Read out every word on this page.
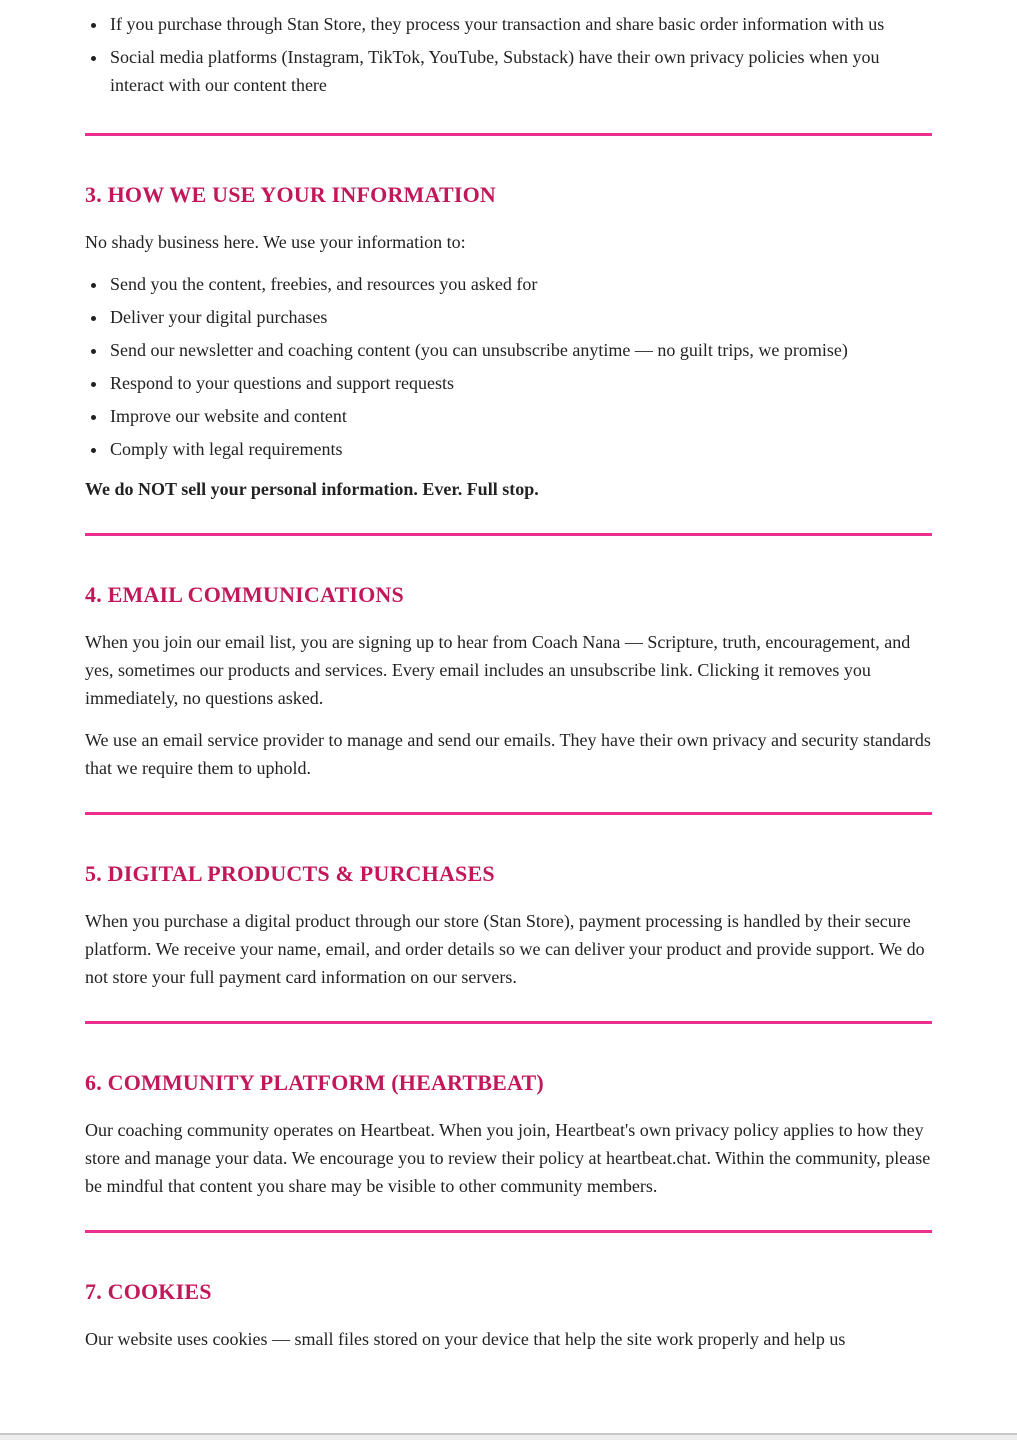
• If you purchase through Stan Store, they process your transaction and share basic order information with us
• Social media platforms (Instagram, TikTok, YouTube, Substack) have their own privacy policies when you interact with our content there
3. HOW WE USE YOUR INFORMATION

No shady business here. We use your information to:

• Send you the content, freebies, and resources you asked for
• Deliver your digital purchases
• Send our newsletter and coaching content (you can unsubscribe anytime — no guilt trips, we promise)
• Respond to your questions and support requests
• Improve our website and content
• Comply with legal requirements

We do NOT sell your personal information. Ever. Full stop.

4. EMAIL COMMUNICATIONS

When you join our email list, you are signing up to hear from Coach Nana — Scripture, truth, encouragement, and yes, sometimes our products and services. Every email includes an unsubscribe link. Clicking it removes you immediately, no questions asked.

We use an email service provider to manage and send our emails. They have their own privacy and security standards that we require them to uphold.

5. DIGITAL PRODUCTS & PURCHASES

When you purchase a digital product through our store (Stan Store), payment processing is handled by their secure platform. We receive your name, email, and order details so we can deliver your product and provide support. We do not store your full payment card information on our servers.

6. COMMUNITY PLATFORM (HEARTBEAT)

Our coaching community operates on Heartbeat. When you join, Heartbeat's own privacy policy applies to how they store and manage your data. We encourage you to review their policy at heartbeat.chat. Within the community, please be mindful that content you share may be visible to other community members.

7. COOKIES

Our website uses cookies — small files stored on your device that help the site work properly and help us
